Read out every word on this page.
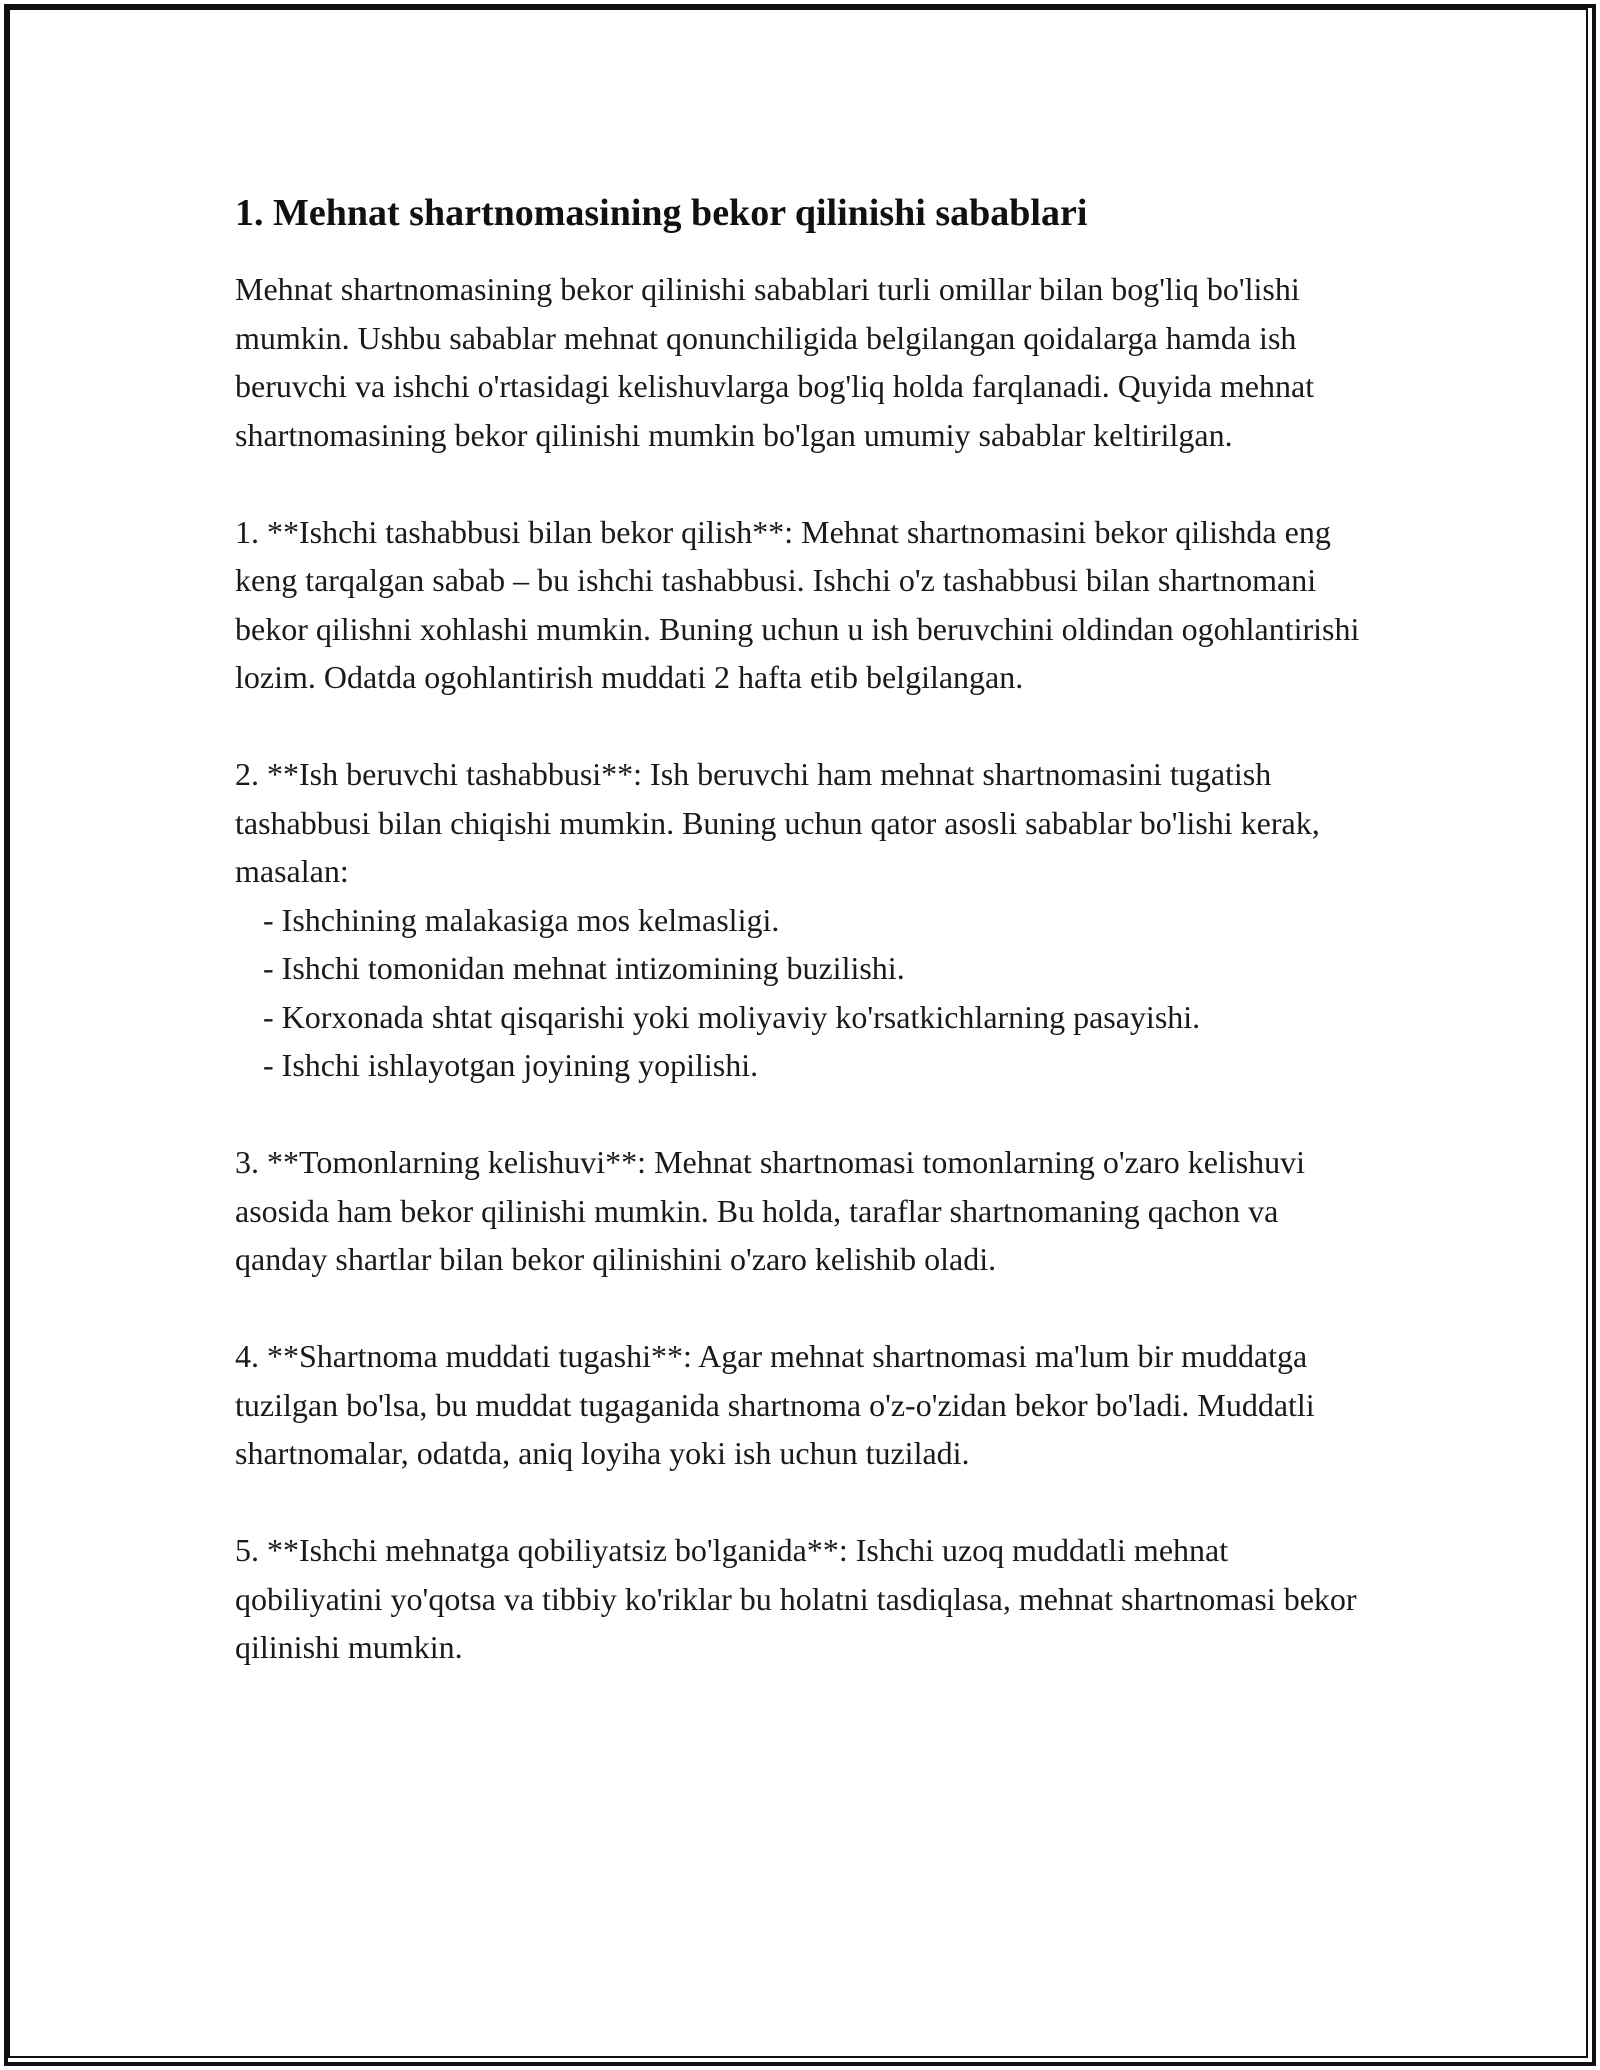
1. Mehnat shartnomasining bekor qilinishi sabablari

Mehnat shartnomasining bekor qilinishi sabablari turli omillar bilan bog'liq bo'lishi mumkin. Ushbu sabablar mehnat qonunchiligida belgilangan qoidalarga hamda ish beruvchi va ishchi o'rtasidagi kelishuvlarga bog'liq holda farqlanadi. Quyida mehnat shartnomasining bekor qilinishi mumkin bo'lgan umumiy sabablar keltirilgan.

1. **Ishchi tashabbusi bilan bekor qilish**: Mehnat shartnomasini bekor qilishda eng keng tarqalgan sabab – bu ishchi tashabbusi. Ishchi o'z tashabbusi bilan shartnomani bekor qilishni xohlashi mumkin. Buning uchun u ish beruvchini oldindan ogohlantirishi lozim. Odatda ogohlantirish muddati 2 hafta etib belgilangan.

2. **Ish beruvchi tashabbusi**: Ish beruvchi ham mehnat shartnomasini tugatish tashabbusi bilan chiqishi mumkin. Buning uchun qator asosli sabablar bo'lishi kerak, masalan:
- Ishchining malakasiga mos kelmasligi.
- Ishchi tomonidan mehnat intizomining buzilishi.
- Korxonada shtat qisqarishi yoki moliyaviy ko'rsatkichlarning pasayishi.
- Ishchi ishlayotgan joyining yopilishi.

3. **Tomonlarning kelishuvi**: Mehnat shartnomasi tomonlarning o'zaro kelishuvi asosida ham bekor qilinishi mumkin. Bu holda, taraflar shartnomaning qachon va qanday shartlar bilan bekor qilinishini o'zaro kelishib oladi.

4. **Shartnoma muddati tugashi**: Agar mehnat shartnomasi ma'lum bir muddatga tuzilgan bo'lsa, bu muddat tugaganida shartnoma o'z-o'zidan bekor bo'ladi. Muddatli shartnomalar, odatda, aniq loyiha yoki ish uchun tuziladi.

5. **Ishchi mehnatga qobiliyatsiz bo'lganida**: Ishchi uzoq muddatli mehnat qobiliyatini yo'qotsa va tibbiy ko'riklar bu holatni tasdiqlasa, mehnat shartnomasi bekor qilinishi mumkin.
